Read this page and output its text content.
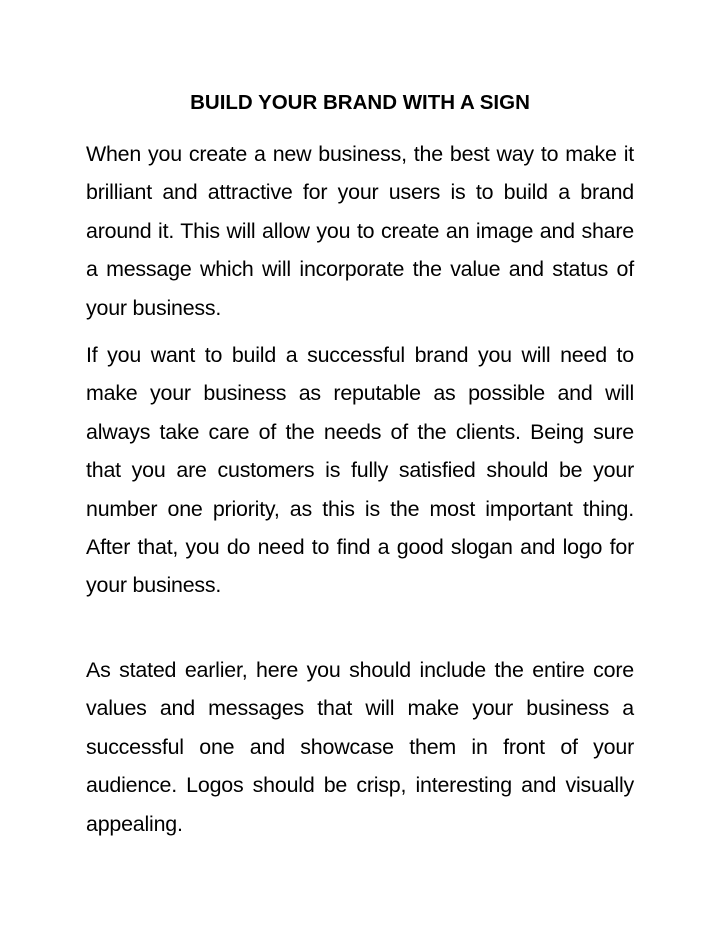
BUILD YOUR BRAND WITH A SIGN

When you create a new business, the best way to make it brilliant and attractive for your users is to build a brand around it. This will allow you to create an image and share a message which will incorporate the value and status of your business.

If you want to build a successful brand you will need to make your business as reputable as possible and will always take care of the needs of the clients. Being sure that you are customers is fully satisfied should be your number one priority, as this is the most important thing. After that, you do need to find a good slogan and logo for your business.

As stated earlier, here you should include the entire core values and messages that will make your business a successful one and showcase them in front of your audience. Logos should be crisp, interesting and visually appealing.
